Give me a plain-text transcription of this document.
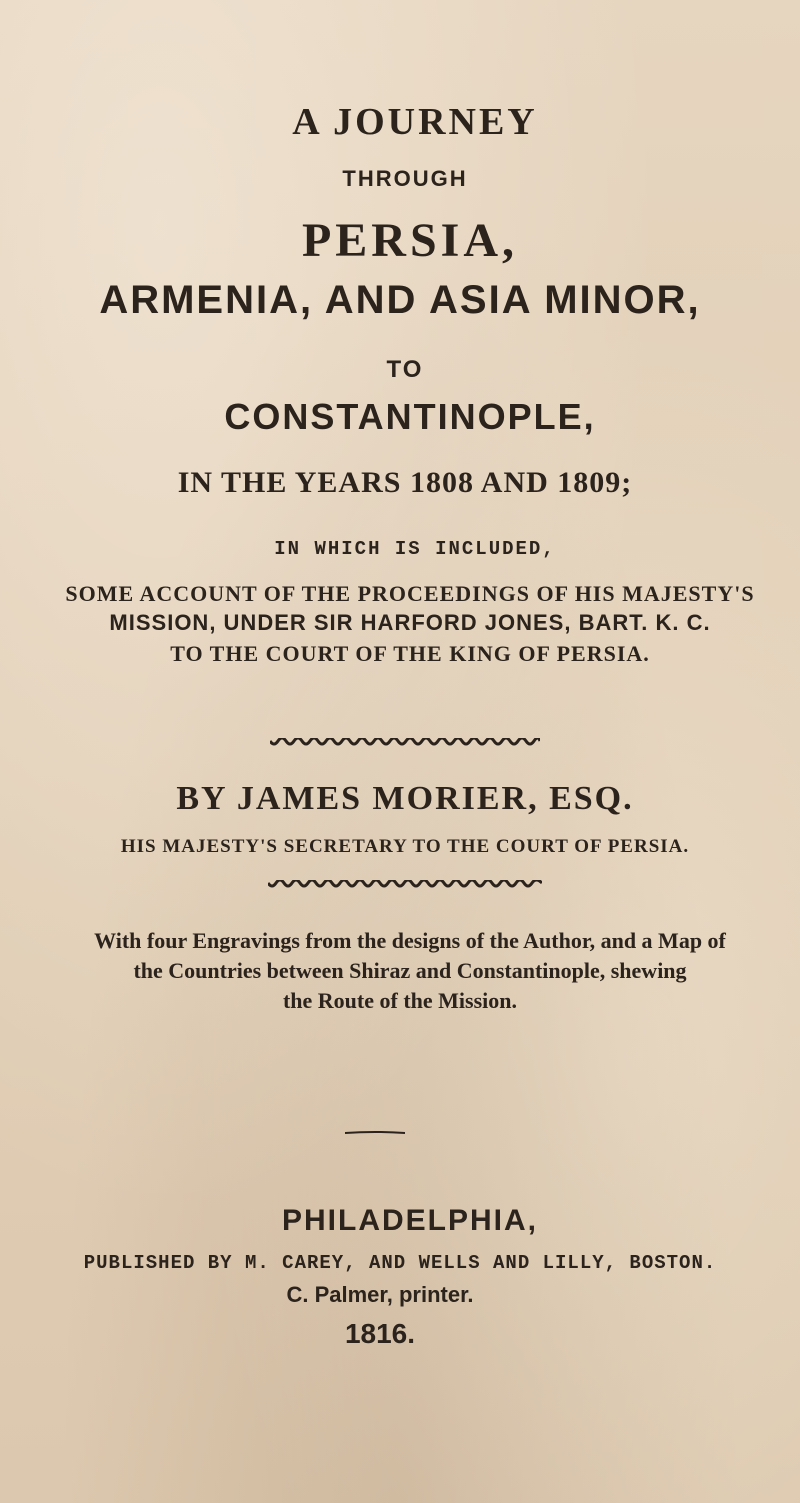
A JOURNEY
THROUGH
PERSIA,
ARMENIA, AND ASIA MINOR,
TO
CONSTANTINOPLE,
IN THE YEARS 1808 AND 1809;
IN WHICH IS INCLUDED,
SOME ACCOUNT OF THE PROCEEDINGS OF HIS MAJESTY'S
MISSION, UNDER SIR HARFORD JONES, BART. K. C.
TO THE COURT OF THE KING OF PERSIA.
BY JAMES MORIER, ESQ.
HIS MAJESTY'S SECRETARY TO THE COURT OF PERSIA.
With four Engravings from the designs of the Author, and a Map of
the Countries between Shiraz and Constantinople, shewing
the Route of the Mission.
PHILADELPHIA,
PUBLISHED BY M. CAREY, AND WELLS AND LILLY, BOSTON.
C. Palmer, printer.
1816.
